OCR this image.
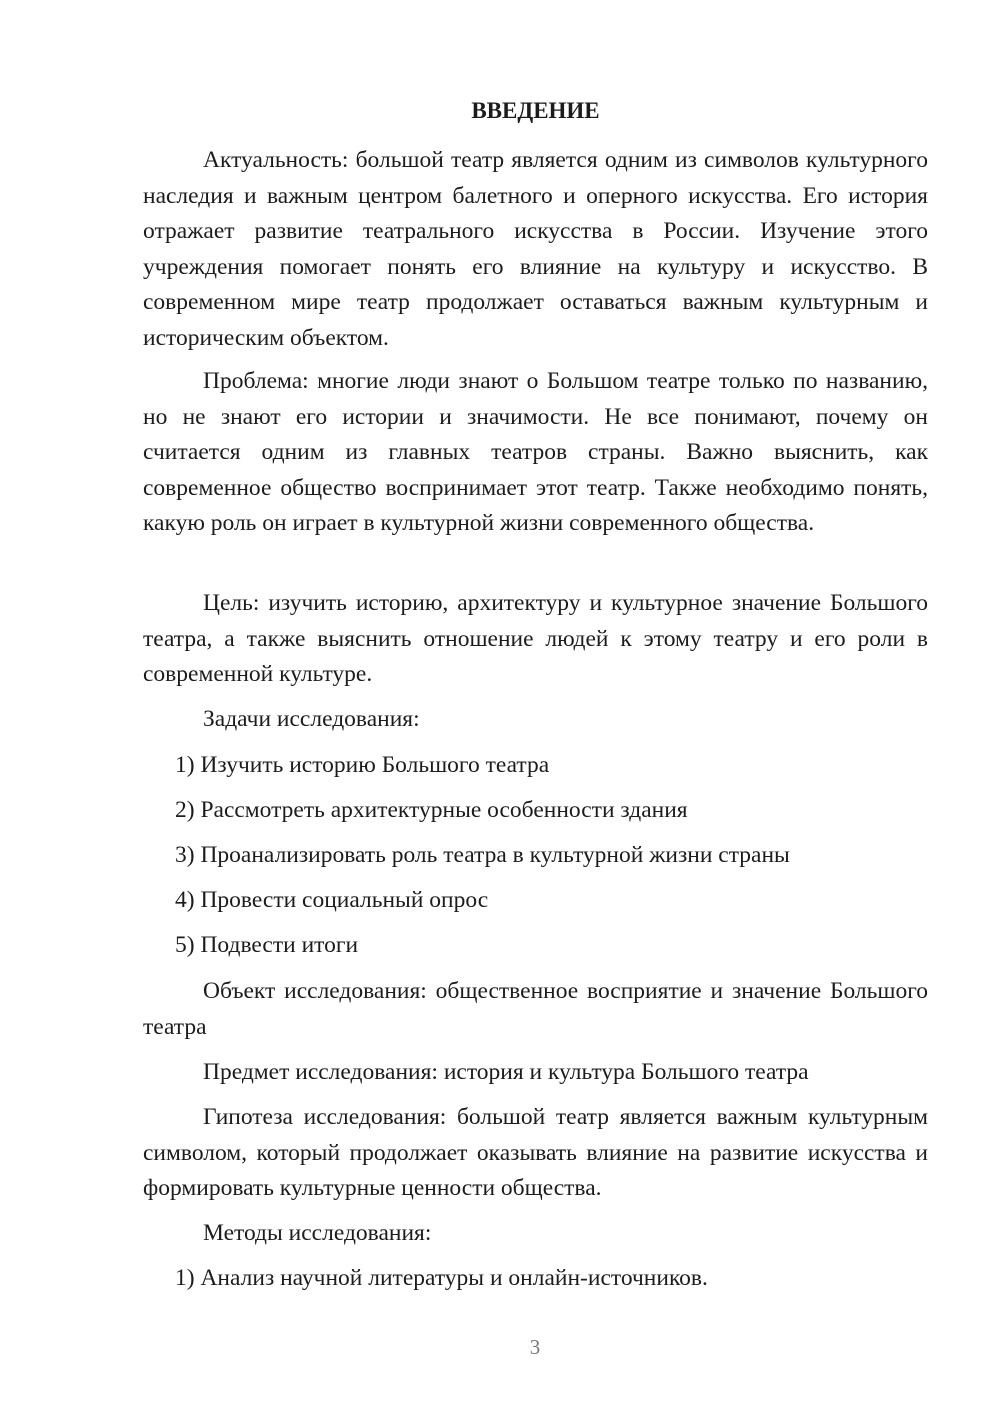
ВВЕДЕНИЕ

Актуальность: большой театр является одним из символов культурного наследия и важным центром балетного и оперного искусства. Его история отражает развитие театрального искусства в России. Изучение этого учреждения помогает понять его влияние на культуру и искусство. В современном мире театр продолжает оставаться важным культурным и историческим объектом.

Проблема: многие люди знают о Большом театре только по названию, но не знают его истории и значимости. Не все понимают, почему он считается одним из главных театров страны. Важно выяснить, как современное общество воспринимает этот театр. Также необходимо понять, какую роль он играет в культурной жизни современного общества.

Цель: изучить историю, архитектуру и культурное значение Большого театра, а также выяснить отношение людей к этому театру и его роли в современной культуре.

Задачи исследования:

1) Изучить историю Большого театра

2) Рассмотреть архитектурные особенности здания

3) Проанализировать роль театра в культурной жизни страны

4) Провести социальный опрос

5) Подвести итоги

Объект исследования: общественное восприятие и значение Большого театра

Предмет исследования: история и культура Большого театра

Гипотеза исследования: большой театр является важным культурным символом, который продолжает оказывать влияние на развитие искусства и формировать культурные ценности общества.

Методы исследования:

1) Анализ научной литературы и онлайн-источников.

3
